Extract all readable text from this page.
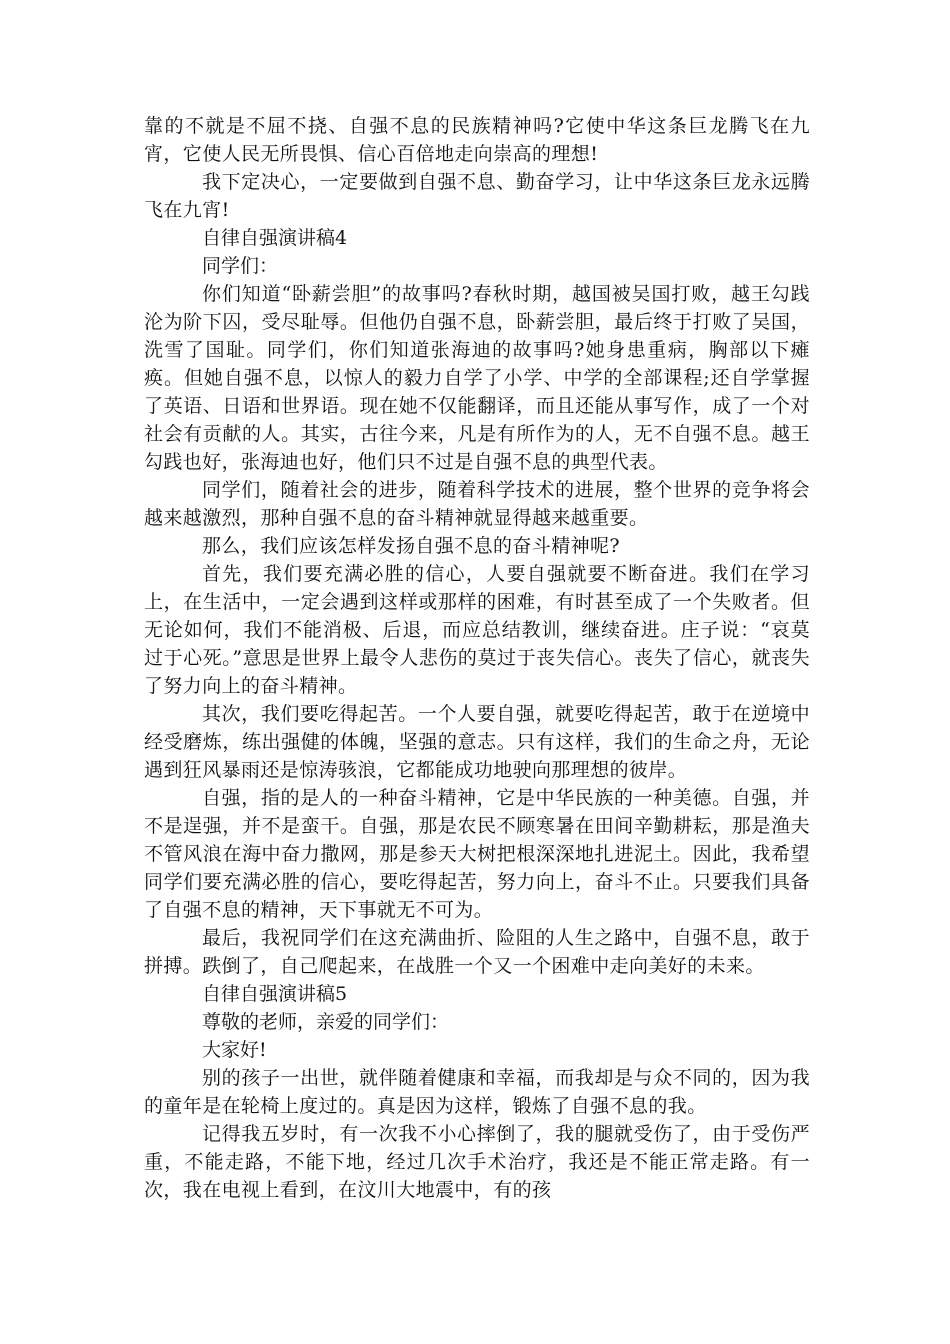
靠的不就是不屈不挠、自强不息的民族精神吗?它使中华这条巨龙腾飞在九宵，它使人民无所畏惧、信心百倍地走向崇高的理想!

我下定决心，一定要做到自强不息、勤奋学习，让中华这条巨龙永远腾飞在九宵!

自律自强演讲稿4

同学们：

你们知道“卧薪尝胆”的故事吗?春秋时期，越国被吴国打败，越王勾践沦为阶下囚，受尽耻辱。但他仍自强不息，卧薪尝胆，最后终于打败了吴国，洗雪了国耻。同学们，你们知道张海迪的故事吗?她身患重病，胸部以下瘫痪。但她自强不息，以惊人的毅力自学了小学、中学的全部课程;还自学掌握了英语、日语和世界语。现在她不仅能翻译，而且还能从事写作，成了一个对社会有贡献的人。其实，古往今来，凡是有所作为的人，无不自强不息。越王勾践也好，张海迪也好，他们只不过是自强不息的典型代表。

同学们，随着社会的进步，随着科学技术的进展，整个世界的竞争将会越来越激烈，那种自强不息的奋斗精神就显得越来越重要。

那么，我们应该怎样发扬自强不息的奋斗精神呢?

首先，我们要充满必胜的信心，人要自强就要不断奋进。我们在学习上，在生活中，一定会遇到这样或那样的困难，有时甚至成了一个失败者。但无论如何，我们不能消极、后退，而应总结教训，继续奋进。庄子说：“哀莫过于心死。”意思是世界上最令人悲伤的莫过于丧失信心。丧失了信心，就丧失了努力向上的奋斗精神。

其次，我们要吃得起苦。一个人要自强，就要吃得起苦，敢于在逆境中经受磨炼，练出强健的体魄，坚强的意志。只有这样，我们的生命之舟，无论遇到狂风暴雨还是惊涛骇浪，它都能成功地驶向那理想的彼岸。

自强，指的是人的一种奋斗精神，它是中华民族的一种美德。自强，并不是逞强，并不是蛮干。自强，那是农民不顾寒暑在田间辛勤耕耘，那是渔夫不管风浪在海中奋力撒网，那是参天大树把根深深地扎进泥土。因此，我希望同学们要充满必胜的信心，要吃得起苦，努力向上，奋斗不止。只要我们具备了自强不息的精神，天下事就无不可为。

最后，我祝同学们在这充满曲折、险阻的人生之路中，自强不息，敢于拼搏。跌倒了，自己爬起来，在战胜一个又一个困难中走向美好的未来。

自律自强演讲稿5

尊敬的老师，亲爱的同学们：

大家好!

别的孩子一出世，就伴随着健康和幸福，而我却是与众不同的，因为我的童年是在轮椅上度过的。真是因为这样，锻炼了自强不息的我。

记得我五岁时，有一次我不小心摔倒了，我的腿就受伤了，由于受伤严重，不能走路，不能下地，经过几次手术治疗，我还是不能正常走路。有一次，我在电视上看到，在汶川大地震中，有的孩
